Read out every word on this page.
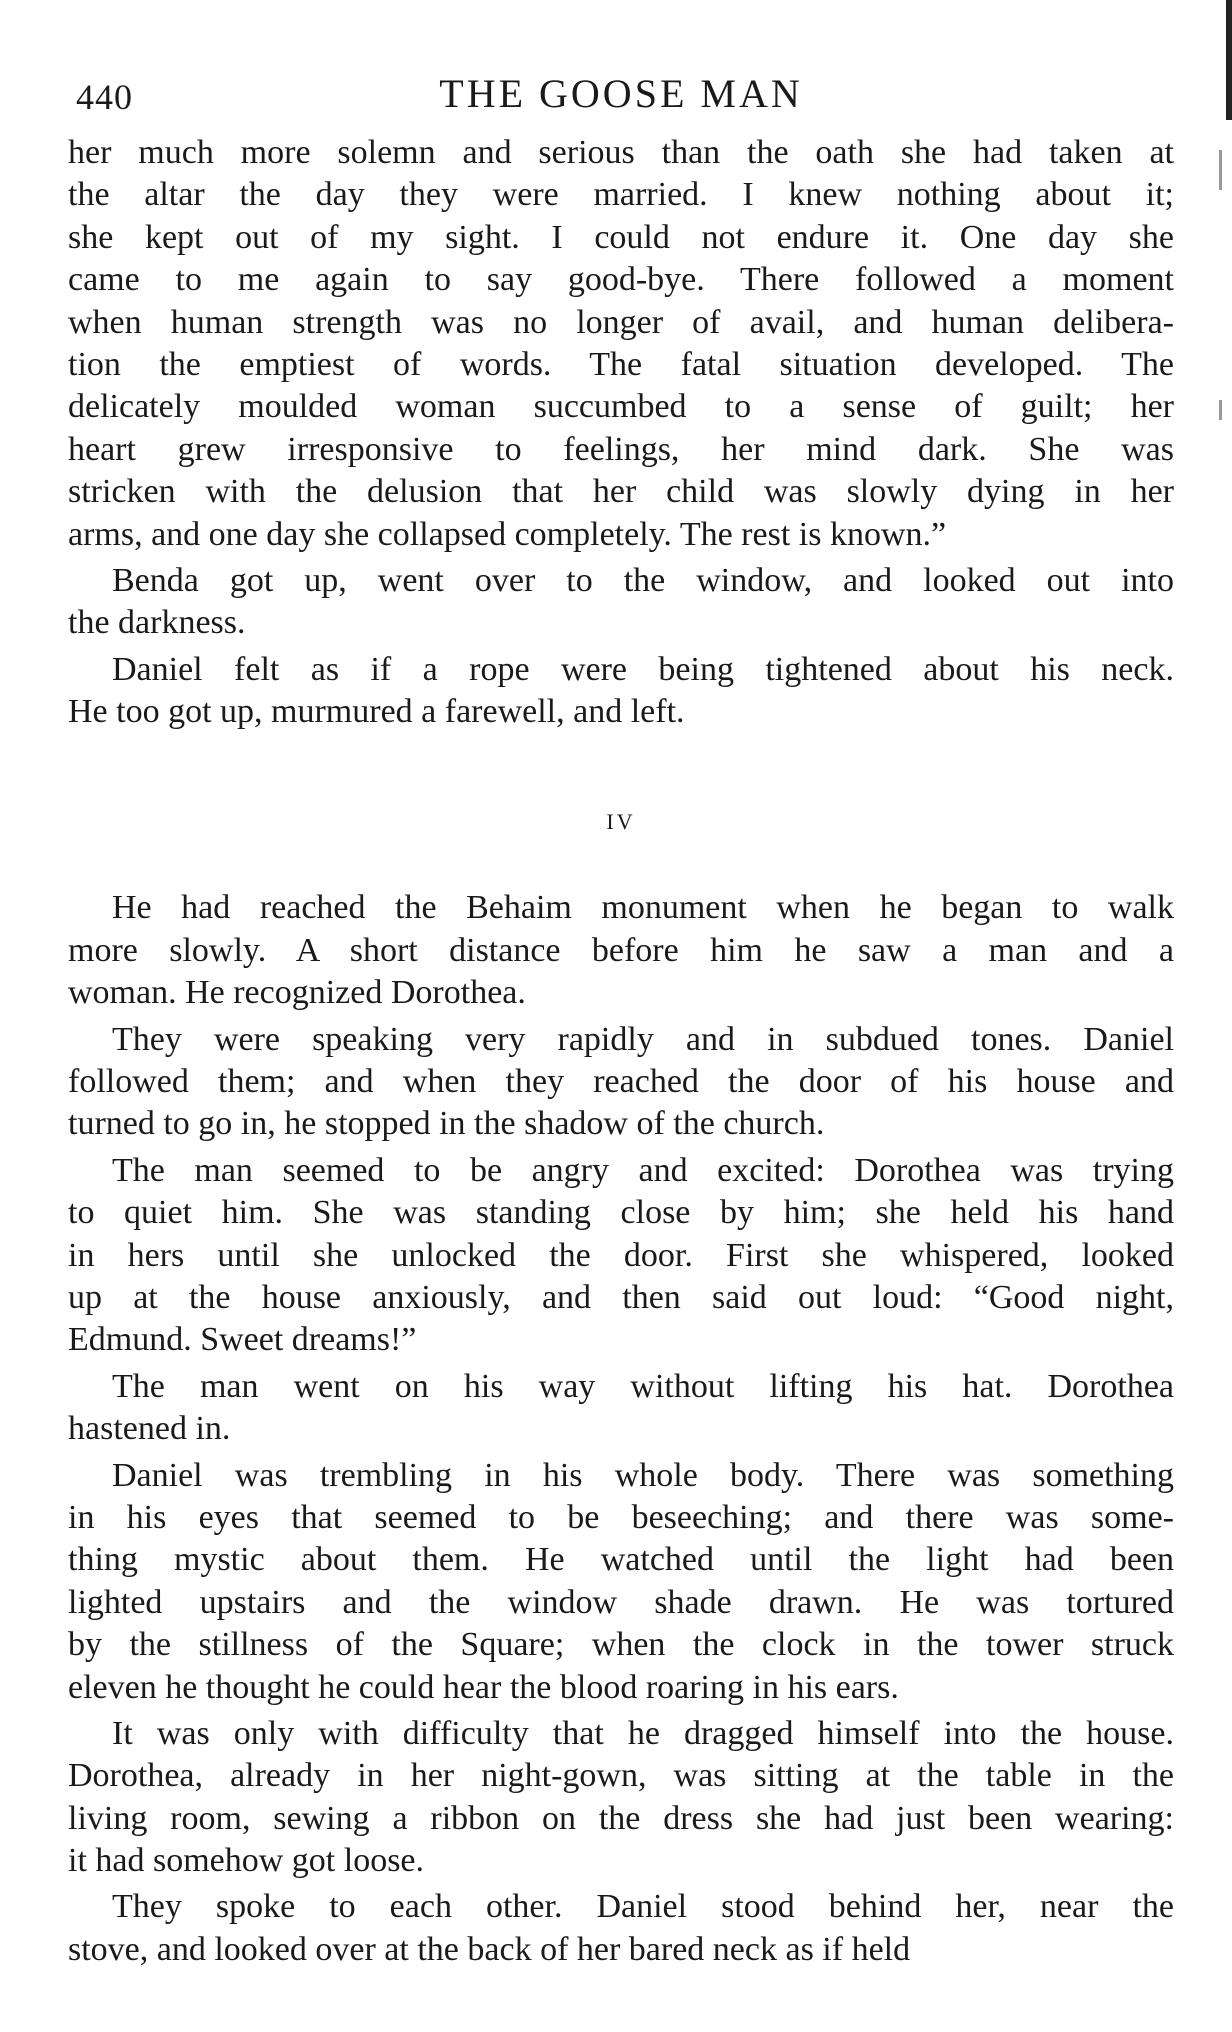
440	THE GOOSE MAN
her much more solemn and serious than the oath she had taken at
the altar the day they were married. I knew nothing about it;
she kept out of my sight. I could not endure it. One day she
came to me again to say good-bye. There followed a moment
when human strength was no longer of avail, and human delibera-
tion the emptiest of words. The fatal situation developed. The
delicately moulded woman succumbed to a sense of guilt; her
heart grew irresponsive to feelings, her mind dark. She was
stricken with the delusion that her child was slowly dying in her
arms, and one day she collapsed completely. The rest is known.”
Benda got up, went over to the window, and looked out into
the darkness.
Daniel felt as if a rope were being tightened about his neck.
He too got up, murmured a farewell, and left.
IV
He had reached the Behaim monument when he began to walk
more slowly. A short distance before him he saw a man and a
woman. He recognized Dorothea.
They were speaking very rapidly and in subdued tones. Daniel
followed them; and when they reached the door of his house and
turned to go in, he stopped in the shadow of the church.
The man seemed to be angry and excited: Dorothea was trying
to quiet him. She was standing close by him; she held his hand
in hers until she unlocked the door. First she whispered, looked
up at the house anxiously, and then said out loud: “Good night,
Edmund. Sweet dreams!”
The man went on his way without lifting his hat. Dorothea
hastened in.
Daniel was trembling in his whole body. There was something
in his eyes that seemed to be beseeching; and there was some-
thing mystic about them. He watched until the light had been
lighted upstairs and the window shade drawn. He was tortured
by the stillness of the Square; when the clock in the tower struck
eleven he thought he could hear the blood roaring in his ears.
It was only with difficulty that he dragged himself into the house.
Dorothea, already in her night-gown, was sitting at the table in the
living room, sewing a ribbon on the dress she had just been wearing:
it had somehow got loose.
They spoke to each other. Daniel stood behind her, near the
stove, and looked over at the back of her bared neck as if held
